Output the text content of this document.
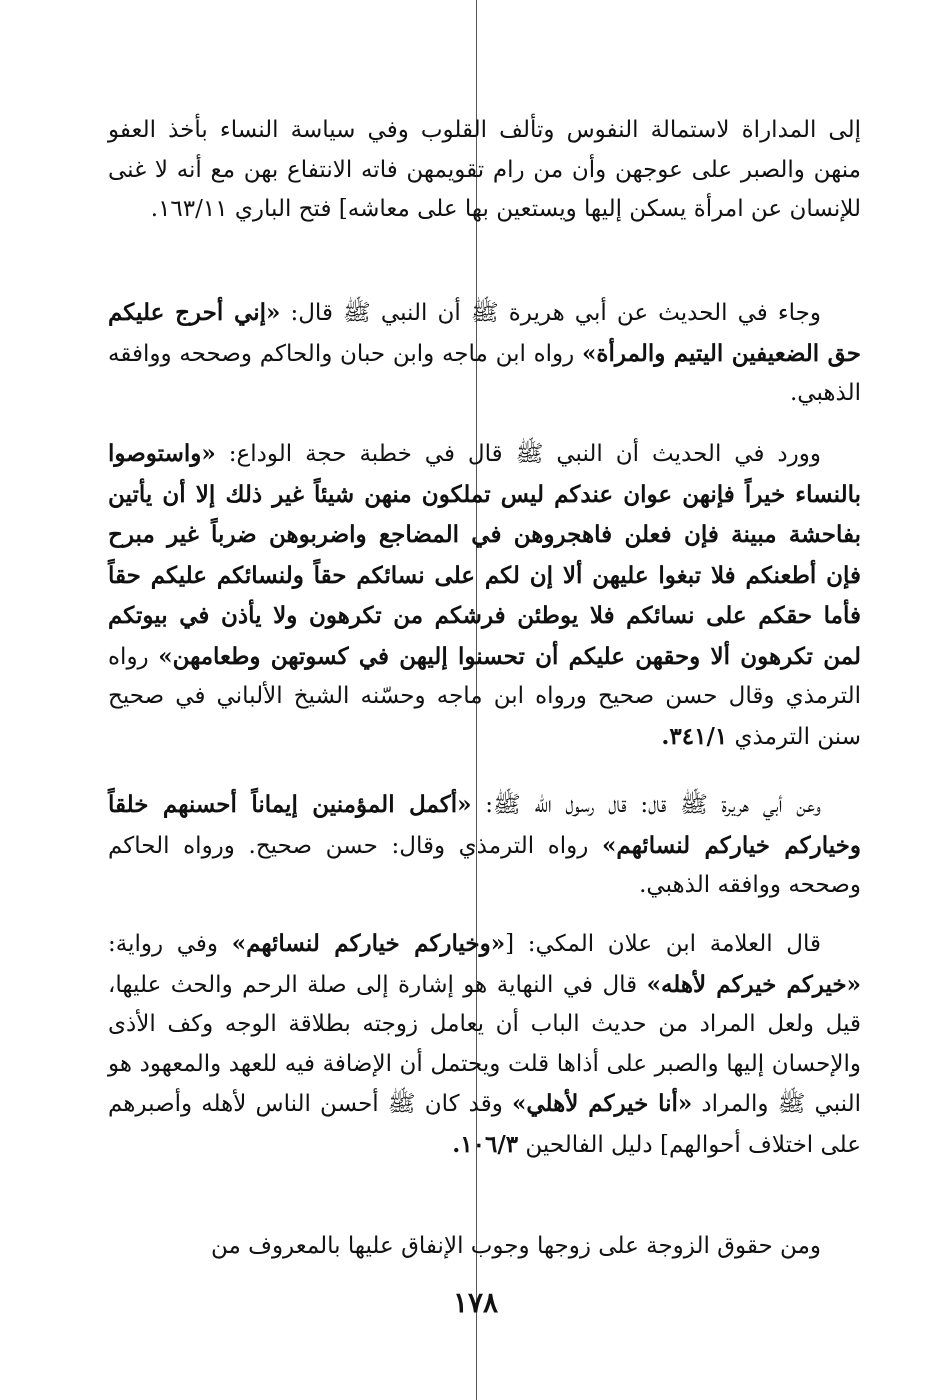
إلى المداراة لاستمالة النفوس وتألف القلوب وفي سياسة النساء بأخذ العفو منهن والصبر على عوجهن وأن من رام تقويمهن فاته الانتفاع بهن مع أنه لا غنى للإنسان عن امرأة يسكن إليها ويستعين بها على معاشه] فتح الباري ١٦٣/١١.

وجاء في الحديث عن أبي هريرة ﷺ أن النبي ﷺ قال: «إني أحرج عليكم حق الضعيفين اليتيم والمرأة» رواه ابن ماجه وابن حبان والحاكم وصححه ووافقه الذهبي.

وورد في الحديث أن النبي ﷺ قال في خطبة حجة الوداع: «واستوصوا بالنساء خيراً فإنهن عوان عندكم ليس تملكون منهن شيئاً غير ذلك إلا أن يأتين بفاحشة مبينة فإن فعلن فاهجروهن في المضاجع واضربوهن ضرباً غير مبرح فإن أطعنكم فلا تبغوا عليهن ألا إن لكم على نسائكم حقاً ولنسائكم عليكم حقاً فأما حقكم على نسائكم فلا يوطئن فرشكم من تكرهون ولا يأذن في بيوتكم لمن تكرهون ألا وحقهن عليكم أن تحسنوا إليهن في كسوتهن وطعامهن» رواه الترمذي وقال حسن صحيح ورواه ابن ماجه وحسّنه الشيخ الألباني في صحيح سنن الترمذي ٣٤١/١.

وعن أبي هريرة ﷺ قال: قال رسول الله ﷺ: «أكمل المؤمنين إيماناً أحسنهم خلقاً وخياركم خياركم لنسائهم» رواه الترمذي وقال: حسن صحيح. ورواه الحاكم وصححه ووافقه الذهبي.

قال العلامة ابن علان المكي: [«وخياركم خياركم لنسائهم» وفي رواية: «خيركم خيركم لأهله» قال في النهاية هو إشارة إلى صلة الرحم والحث عليها، قيل ولعل المراد من حديث الباب أن يعامل زوجته بطلاقة الوجه وكف الأذى والإحسان إليها والصبر على أذاها قلت ويحتمل أن الإضافة فيه للعهد والمعهود هو النبي ﷺ والمراد «أنا خيركم لأهلي» وقد كان ﷺ أحسن الناس لأهله وأصبرهم على اختلاف أحوالهم] دليل الفالحين ١٠٦/٣.

ومن حقوق الزوجة على زوجها وجوب الإنفاق عليها بالمعروف من

١٧٨
